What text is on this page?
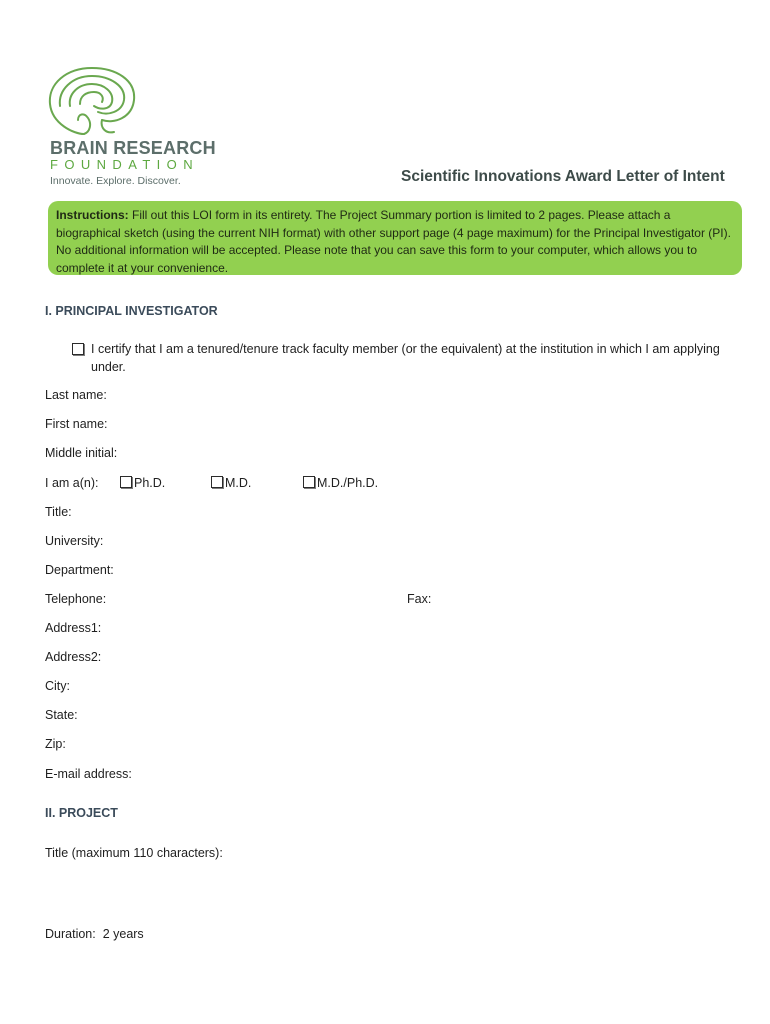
BRAIN RESEARCH
FOUNDATION
Innovate. Explore. Discover.	Scientific Innovations Award Letter of Intent
Instructions: Fill out this LOI form in its entirety. The Project Summary portion is limited to 2 pages. Please attach a biographical sketch (using the current NIH format) with other support page (4 page maximum) for the Principal Investigator (PI). No additional information will be accepted. Please note that you can save this form to your computer, which allows you to complete it at your convenience.
I. PRINCIPAL INVESTIGATOR
I certify that I am a tenured/tenure track faculty member (or the equivalent) at the institution in which I am applying under.
Last name:
First name:
Middle initial:
I am a(n):	Ph.D.	M.D.	M.D./Ph.D.
Title:
University:
Department:
Telephone:	Fax:
Address1:
Address2:
City:
State:
Zip:
E-mail address:
II. PROJECT
Title (maximum 110 characters):
Duration: 2 years
